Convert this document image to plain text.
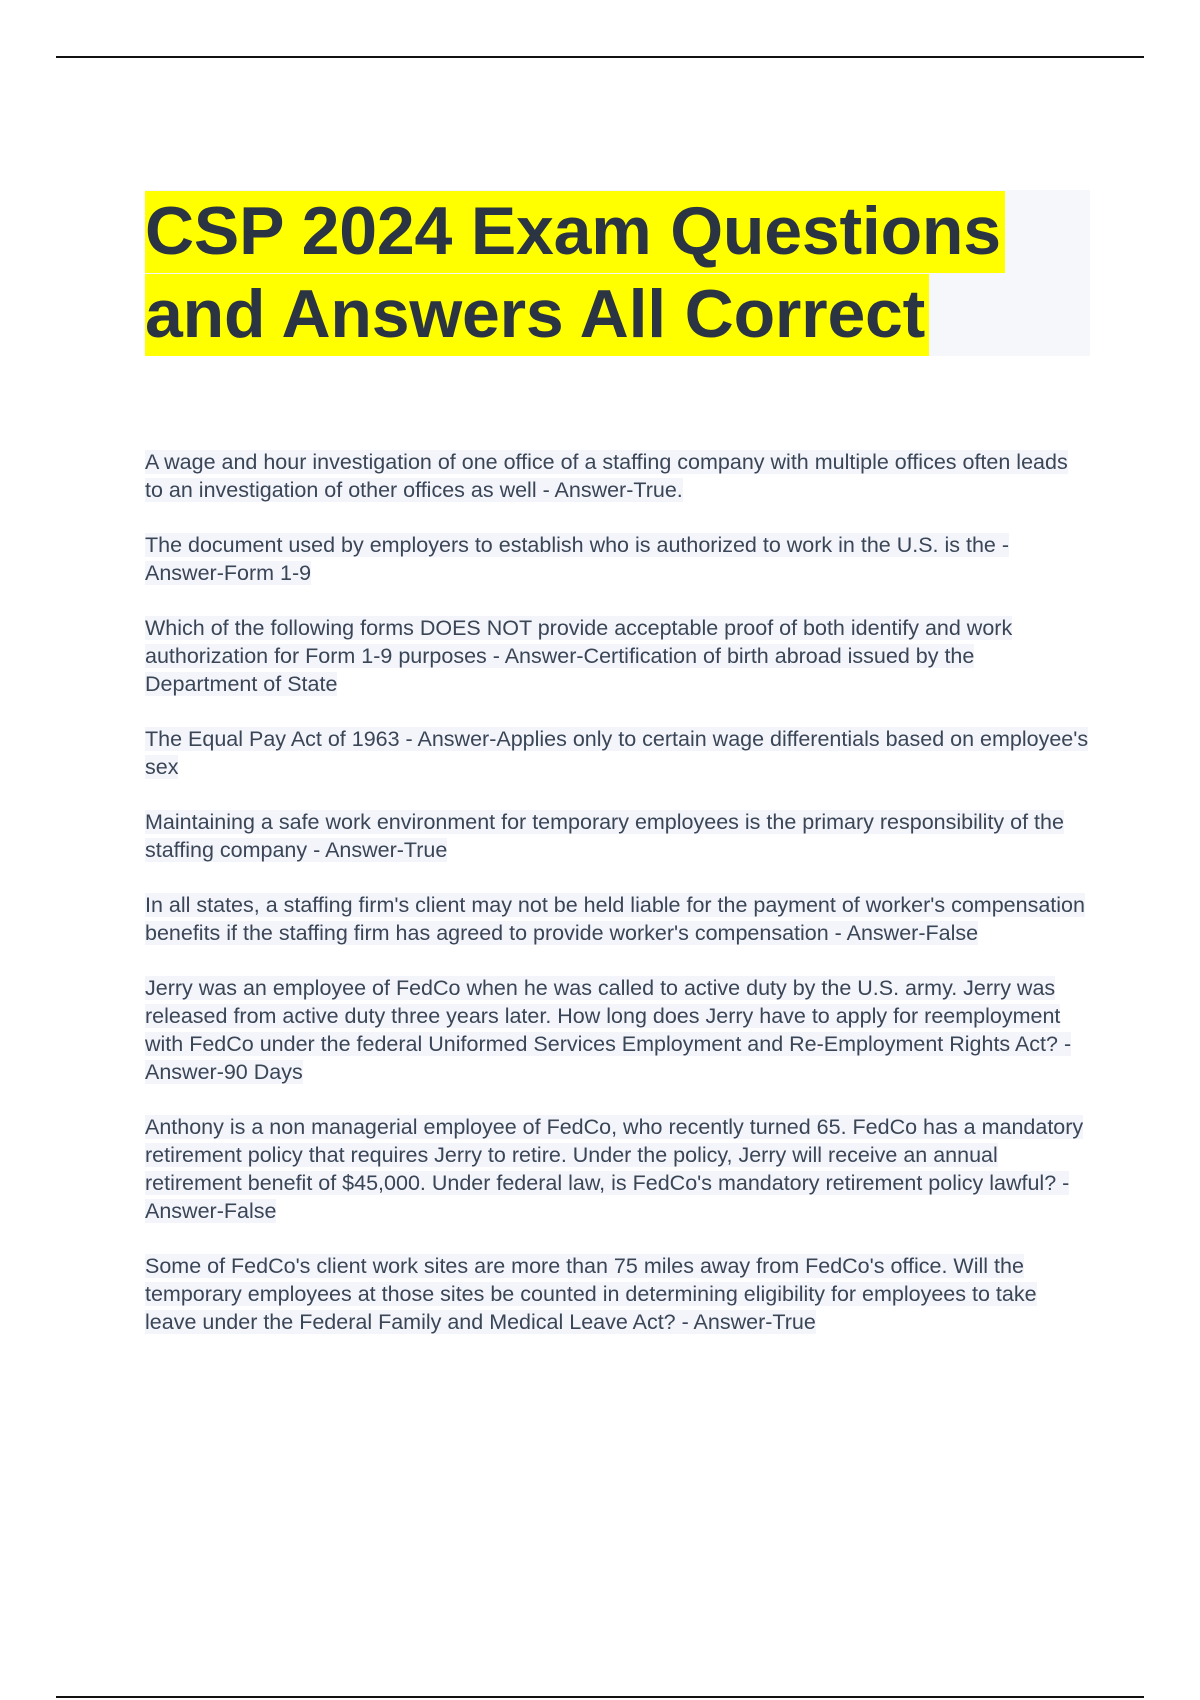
CSP 2024 Exam Questions and Answers All Correct

A wage and hour investigation of one office of a staffing company with multiple offices often leads to an investigation of other offices as well - Answer-True.

The document used by employers to establish who is authorized to work in the U.S. is the - Answer-Form 1-9

Which of the following forms DOES NOT provide acceptable proof of both identify and work authorization for Form 1-9 purposes - Answer-Certification of birth abroad issued by the Department of State

The Equal Pay Act of 1963 - Answer-Applies only to certain wage differentials based on employee's sex

Maintaining a safe work environment for temporary employees is the primary responsibility of the staffing company - Answer-True

In all states, a staffing firm's client may not be held liable for the payment of worker's compensation benefits if the staffing firm has agreed to provide worker's compensation - Answer-False

Jerry was an employee of FedCo when he was called to active duty by the U.S. army. Jerry was released from active duty three years later. How long does Jerry have to apply for reemployment with FedCo under the federal Uniformed Services Employment and Re-Employment Rights Act? - Answer-90 Days

Anthony is a non managerial employee of FedCo, who recently turned 65. FedCo has a mandatory retirement policy that requires Jerry to retire. Under the policy, Jerry will receive an annual retirement benefit of $45,000. Under federal law, is FedCo's mandatory retirement policy lawful? - Answer-False

Some of FedCo's client work sites are more than 75 miles away from FedCo's office. Will the temporary employees at those sites be counted in determining eligibility for employees to take leave under the Federal Family and Medical Leave Act? - Answer-True
